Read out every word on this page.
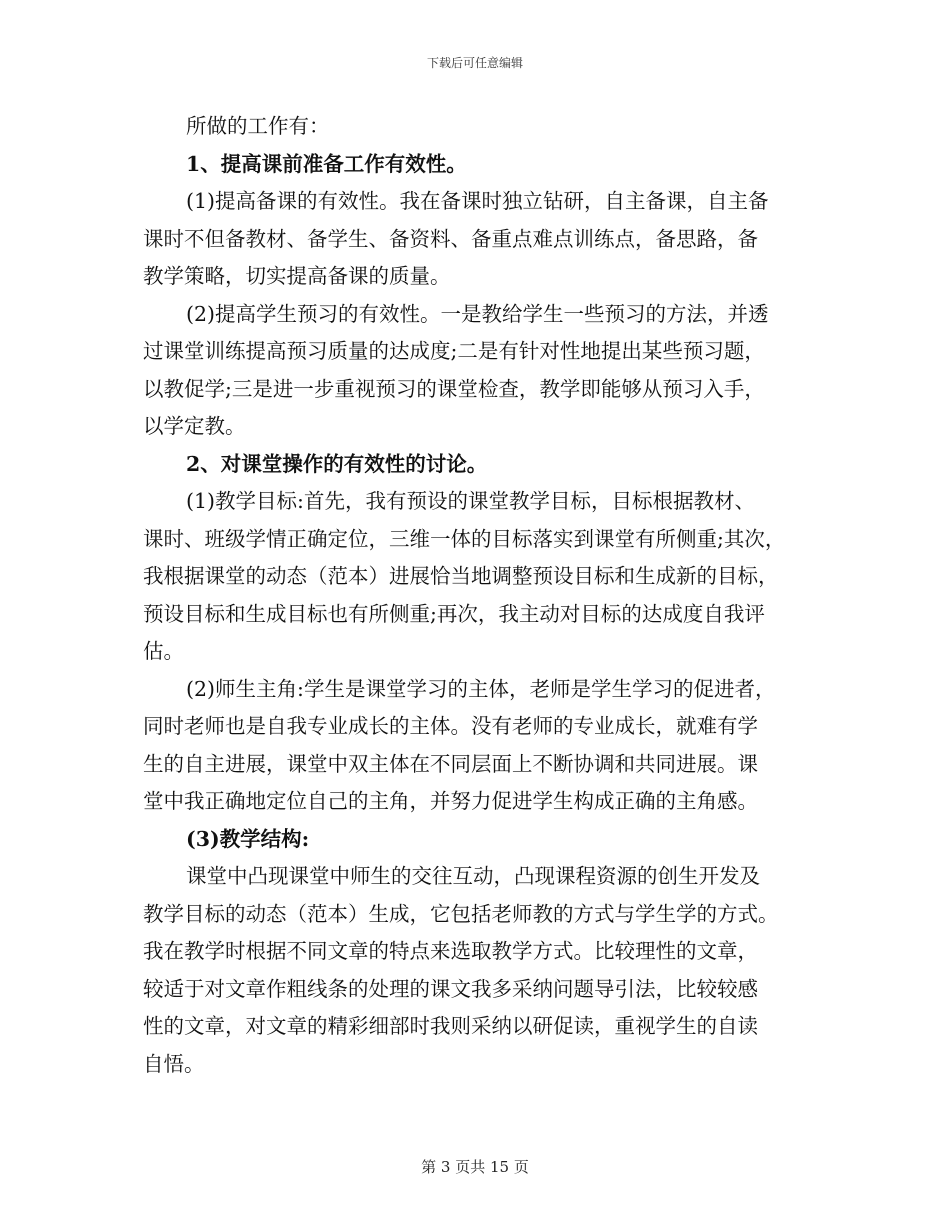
下载后可任意编辑
所做的工作有：
1、提高课前准备工作有效性。
(1)提高备课的有效性。我在备课时独立钻研，自主备课，自主备
课时不但备教材、备学生、备资料、备重点难点训练点，备思路，备
教学策略，切实提高备课的质量。
(2)提高学生预习的有效性。一是教给学生一些预习的方法，并透
过课堂训练提高预习质量的达成度;二是有针对性地提出某些预习题，
以教促学;三是进一步重视预习的课堂检查，教学即能够从预习入手，
以学定教。
2、对课堂操作的有效性的讨论。
(1)教学目标:首先，我有预设的课堂教学目标，目标根据教材、
课时、班级学情正确定位，三维一体的目标落实到课堂有所侧重;其次，
我根据课堂的动态（范本）进展恰当地调整预设目标和生成新的目标，
预设目标和生成目标也有所侧重;再次，我主动对目标的达成度自我评
估。
(2)师生主角:学生是课堂学习的主体，老师是学生学习的促进者，
同时老师也是自我专业成长的主体。没有老师的专业成长，就难有学
生的自主进展，课堂中双主体在不同层面上不断协调和共同进展。课
堂中我正确地定位自己的主角，并努力促进学生构成正确的主角感。
(3)教学结构:
课堂中凸现课堂中师生的交往互动，凸现课程资源的创生开发及
教学目标的动态（范本）生成，它包括老师教的方式与学生学的方式。
我在教学时根据不同文章的特点来选取教学方式。比较理性的文章，
较适于对文章作粗线条的处理的课文我多采纳问题导引法，比较较感
性的文章，对文章的精彩细部时我则采纳以研促读，重视学生的自读
自悟。
第 3 页共 15 页
